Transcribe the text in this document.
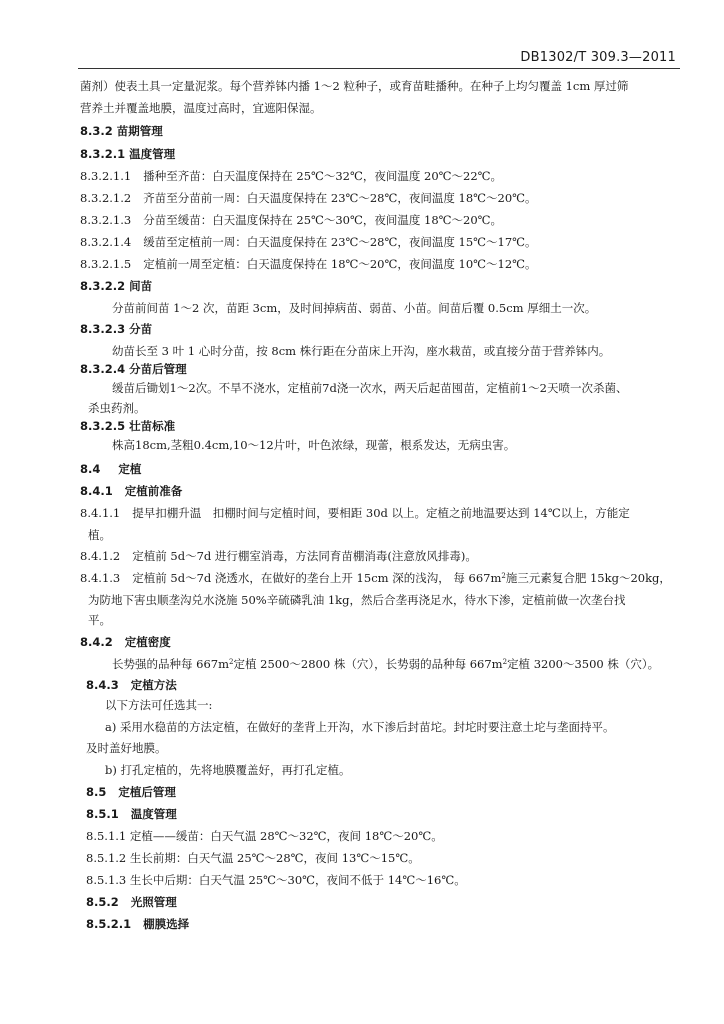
DB1302/T 309.3—2011
菌剂）使表土具一定量泥浆。每个营养钵内播 1～2 粒种子，或育苗畦播种。在种子上均匀覆盖 1cm 厚过筛
营养土并覆盖地膜，温度过高时，宜遮阳保湿。
8.3.2 苗期管理
8.3.2.1 温度管理
8.3.2.1.1 播种至齐苗：白天温度保持在 25℃～32℃，夜间温度 20℃～22℃。
8.3.2.1.2 齐苗至分苗前一周：白天温度保持在 23℃～28℃，夜间温度 18℃～20℃。
8.3.2.1.3 分苗至缓苗：白天温度保持在 25℃～30℃，夜间温度 18℃～20℃。
8.3.2.1.4 缓苗至定植前一周：白天温度保持在 23℃～28℃，夜间温度 15℃～17℃。
8.3.2.1.5 定植前一周至定植：白天温度保持在 18℃～20℃，夜间温度 10℃～12℃。
8.3.2.2 间苗
分苗前间苗 1～2 次，苗距 3cm，及时间掉病苗、弱苗、小苗。间苗后覆 0.5cm 厚细土一次。
8.3.2.3 分苗
幼苗长至 3 叶 1 心时分苗，按 8cm 株行距在分苗床上开沟，座水栽苗，或直接分苗于营养钵内。
8.3.2.4 分苗后管理
缓苗后锄划1～2次。不旱不浇水，定植前7d浇一次水，两天后起苗囤苗，定植前1～2天喷一次杀菌、
杀虫药剂。
8.3.2.5 壮苗标准
株高18cm,茎粗0.4cm,10～12片叶，叶色浓绿，现蕾，根系发达，无病虫害。
8.4 定植
8.4.1 定植前准备
8.4.1.1 提早扣棚升温　扣棚时间与定植时间，要相距 30d 以上。定植之前地温要达到 14℃以上，方能定
植。
8.4.1.2 定植前 5d～7d 进行棚室消毒，方法同育苗棚消毒(注意放风排毒)。
8.4.1.3 定植前 5d～7d 浇透水，在做好的垄台上开 15cm 深的浅沟， 每 $667m^2$施三元素复合肥 15kg～20kg，
为防地下害虫顺垄沟兑水浇施 50%辛硫磷乳油 1kg，然后合垄再浇足水，待水下渗，定植前做一次垄台找
平。
8.4.2 定植密度
长势强的品种每 $667m^2$定植 2500～2800 株（穴），长势弱的品种每 $667m^2$定植 3200～3500 株（穴）。
8.4.3 定植方法
以下方法可任选其一:
a) 采用水稳苗的方法定植，在做好的垄背上开沟，水下渗后封苗坨。封坨时要注意土坨与垄面持平。
及时盖好地膜。
b) 打孔定植的，先将地膜覆盖好，再打孔定植。
8.5 定植后管理
8.5.1 温度管理
8.5.1.1 定植——缓苗：白天气温 28℃～32℃，夜间 18℃～20℃。
8.5.1.2 生长前期：白天气温 25℃～28℃，夜间 13℃～15℃。
8.5.1.3 生长中后期：白天气温 25℃～30℃，夜间不低于 14℃～16℃。
8.5.2 光照管理
8.5.2.1 棚膜选择
